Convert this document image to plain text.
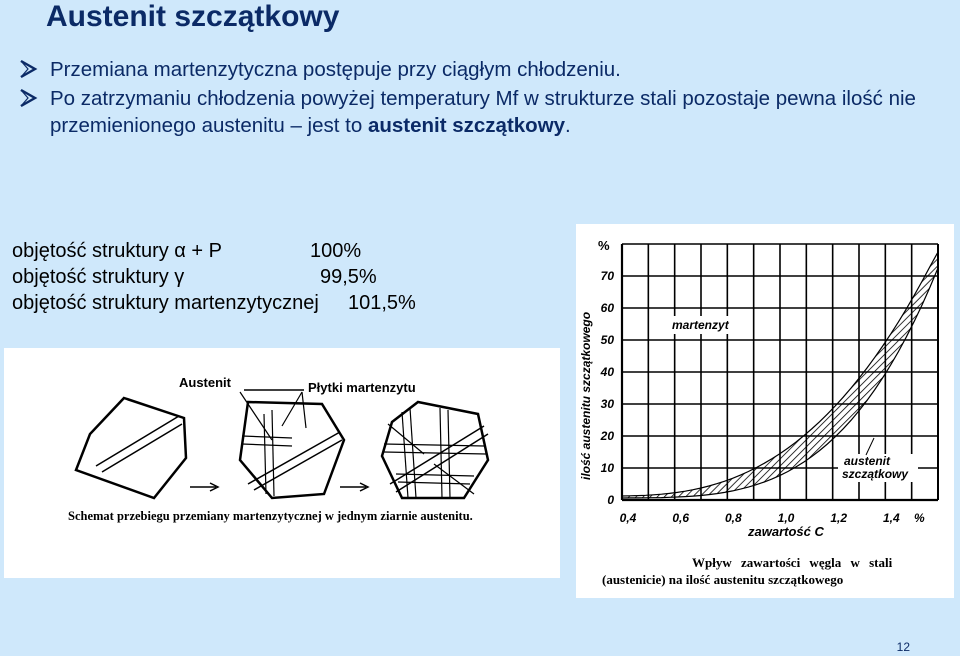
Austenit szczątkowy
Przemiana martenzytyczna postępuje przy ciągłym chłodzeniu.
Po zatrzymaniu chłodzenia powyżej temperatury Mf w strukturze stali pozostaje pewna ilość nie przemienionego austenitu – jest to austenit szczątkowy.
objętość struktury α + P	100%
objętość struktury γ	99,5%
objętość struktury martenzytycznej 101,5%
Austenit	Płytki martenzytu
Schemat przebiegu przemiany martenzytycznej w jednym ziarnie austenitu.
%
0
10
20
30
40
50
60
70
0,4	0,6	0,8	1,0	1,2	1,4 %
zawartość C
ilość austenitu szczątkowego	martenzyt
austenit
szczątkowy
Wpływ zawartości węgla w stali
(austenicie) na ilość austenitu szczątkowego
12
